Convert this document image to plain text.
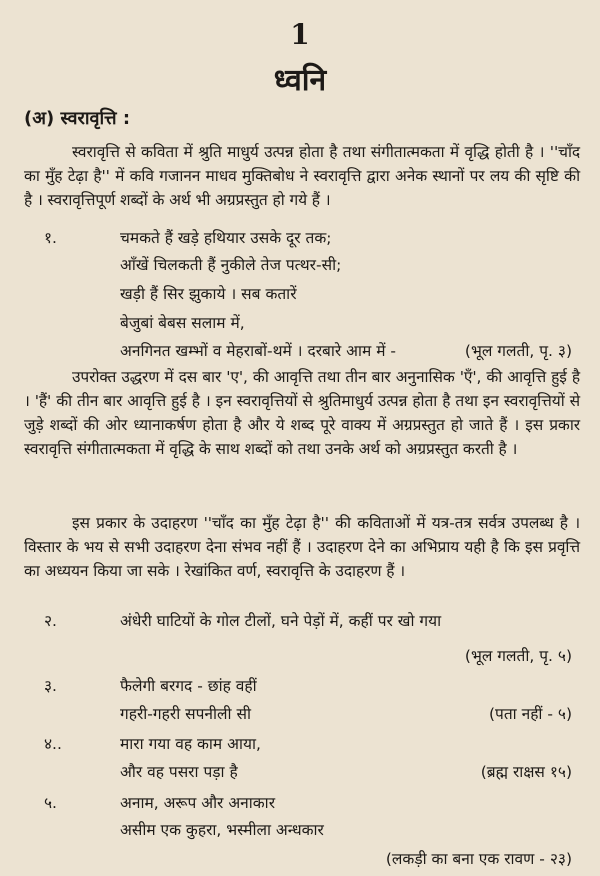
1
ध्वनि
(अ) स्वरावृत्ति :
स्वरावृत्ति से कविता में श्रुति माधुर्य उत्पन्न होता है तथा संगीतात्मकता में वृद्धि होती है । ''चाँद का मुँह टेढ़ा है'' में कवि गजानन माधव मुक्तिबोध ने स्वरावृत्ति द्वारा अनेक स्थानों पर लय की सृष्टि की है । स्वरावृत्तिपूर्ण शब्दों के अर्थ भी अग्रप्रस्तुत हो गये हैं ।
१.	चमकते हैं खड़े हथियार उसके दूर तक;
आँखें चिलकती हैं नुकीले तेज पत्थर-सी;
खड़ी हैं सिर झुकाये । सब कतारें
बेजुबां बेबस सलाम में,
अनगिनत खम्भों व मेहराबों-थमें । दरबारे आम में -	(भूल गलती, पृ. ३)
उपरोक्त उद्धरण में दस बार 'ए', की आवृत्ति तथा तीन बार अनुनासिक 'एँ', की आवृत्ति हुई है । 'हैं' की तीन बार आवृत्ति हुई है । इन स्वरावृत्तियों से श्रुतिमाधुर्य उत्पन्न होता है तथा इन स्वरावृत्तियों से जुड़े शब्दों की ओर ध्यानाकर्षण होता है और ये शब्द पूरे वाक्य में अग्रप्रस्तुत हो जाते हैं । इस प्रकार स्वरावृत्ति संगीतात्मकता में वृद्धि के साथ शब्दों को तथा उनके अर्थ को अग्रप्रस्तुत करती है ।
इस प्रकार के उदाहरण ''चाँद का मुँह टेढ़ा है'' की कविताओं में यत्र-तत्र सर्वत्र उपलब्ध है । विस्तार के भय से सभी उदाहरण देना संभव नहीं हैं । उदाहरण देने का अभिप्राय यही है कि इस प्रवृत्ति का अध्ययन किया जा सके । रेखांकित वर्ण, स्वरावृत्ति के उदाहरण हैं ।
२.	अंधेरी घाटियों के गोल टीलों, घने पेड़ों में, कहीं पर खो गया
(भूल गलती, पृ. ५)
३.	फैलेगी बरगद - छांह वहीं
गहरी-गहरी सपनीली सी	(पता नहीं - ५)
४..	मारा गया वह काम आया,
और वह पसरा पड़ा है	(ब्रह्म राक्षस १५)
५.	अनाम, अरूप और अनाकार
असीम एक कुहरा, भस्मीला अन्धकार
(लकड़ी का बना एक रावण - २३)
